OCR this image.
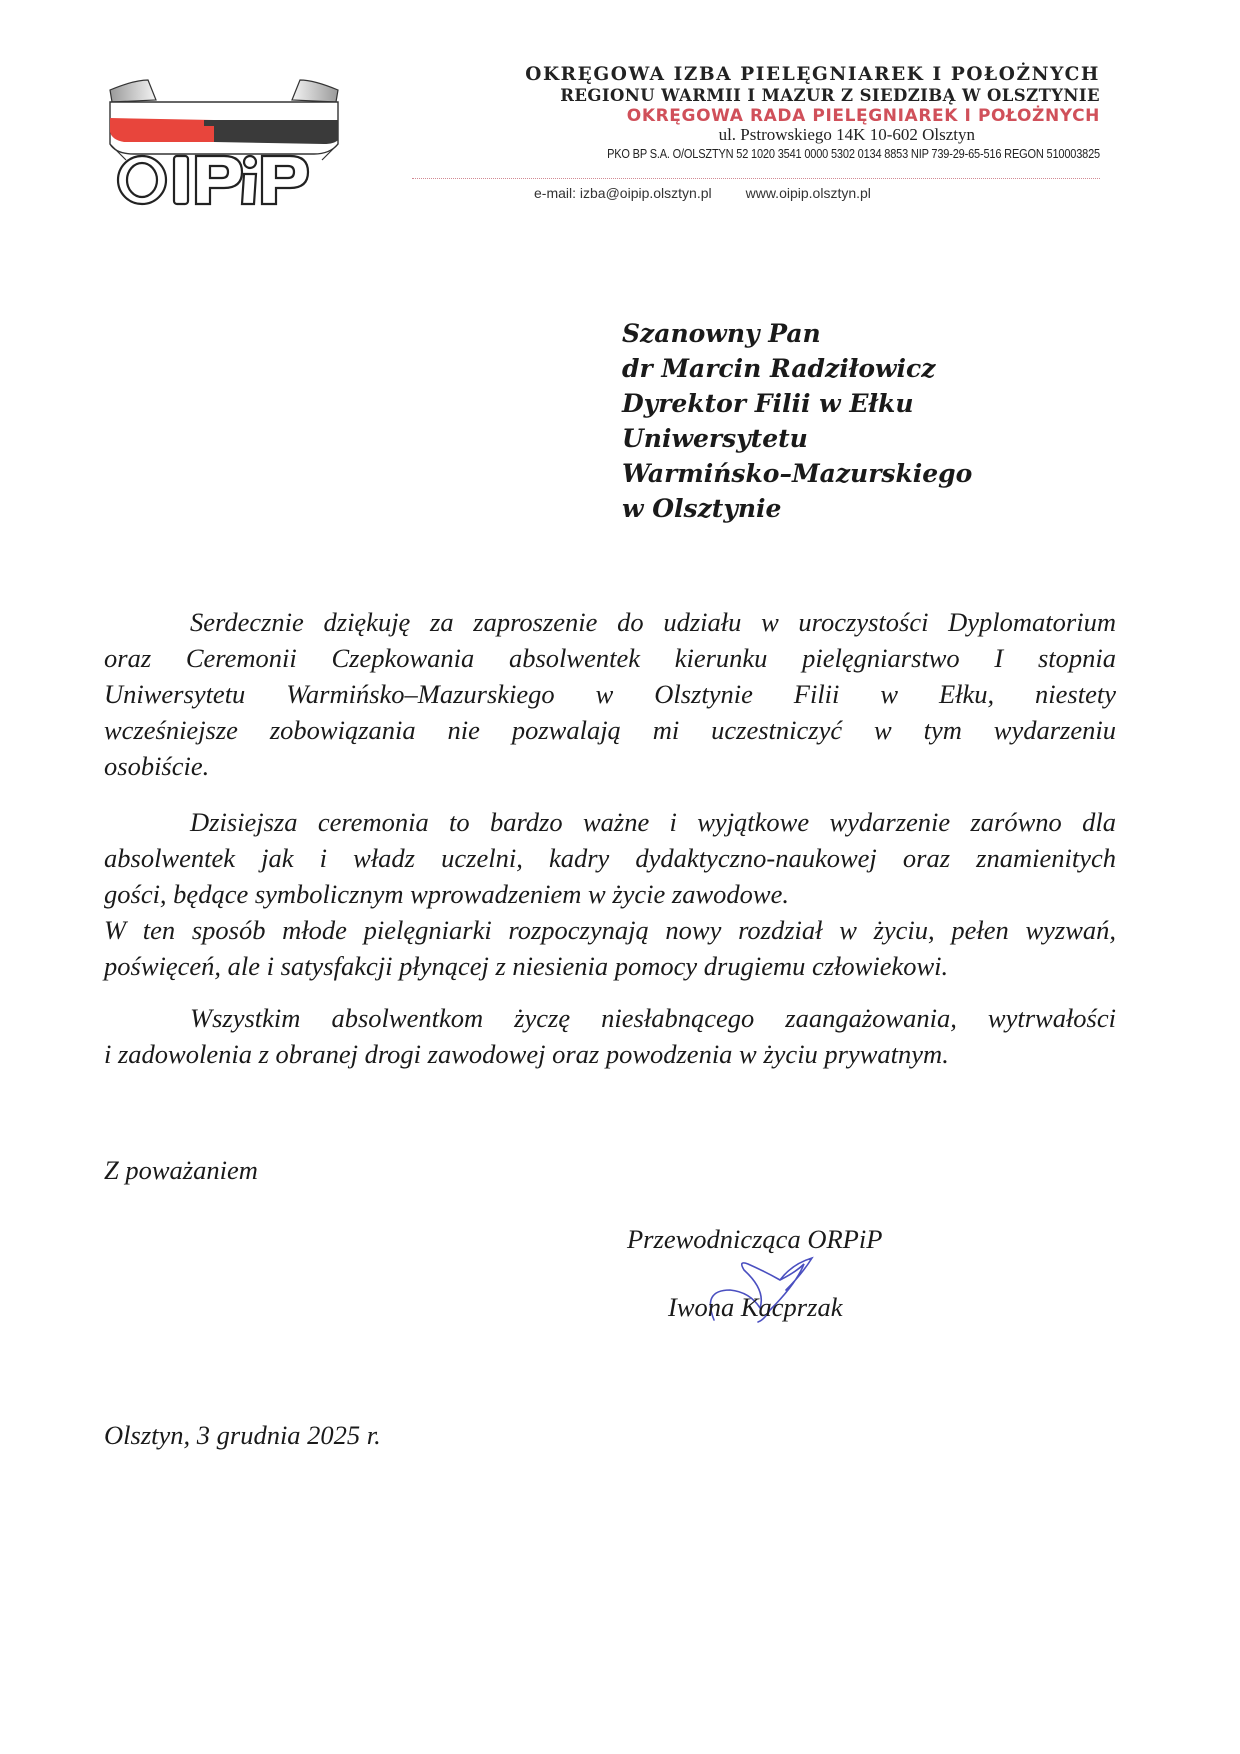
OKRĘGOWA IZBA PIELĘGNIAREK I POŁOŻNYCH
REGIONU WARMII I MAZUR Z SIEDZIBĄ W OLSZTYNIE
OKRĘGOWA RADA PIELĘGNIAREK I POŁOŻNYCH
ul. Pstrowskiego 14K 10-602 Olsztyn
PKO BP S.A. O/OLSZTYN 52 1020 3541 0000 5302 0134 8853 NIP 739-29-65-516 REGON 510003825
e-mail: izba@oipip.olsztyn.pl www.oipip.olsztyn.pl
Szanowny Pan
dr Marcin Radziłowicz
Dyrektor Filii w Ełku
Uniwersytetu
Warmińsko–Mazurskiego
w Olsztynie
Serdecznie dziękuję za zaproszenie do udziału w uroczystości Dyplomatorium
oraz Ceremonii Czepkowania absolwentek kierunku pielęgniarstwo I stopnia
Uniwersytetu Warmińsko–Mazurskiego w Olsztynie Filii w Ełku, niestety
wcześniejsze zobowiązania nie pozwalają mi uczestniczyć w tym wydarzeniu
osobiście.
Dzisiejsza ceremonia to bardzo ważne i wyjątkowe wydarzenie zarówno dla
absolwentek jak i władz uczelni, kadry dydaktyczno-naukowej oraz znamienitych
gości, będące symbolicznym wprowadzeniem w życie zawodowe.
W ten sposób młode pielęgniarki rozpoczynają nowy rozdział w życiu, pełen wyzwań,
poświęceń, ale i satysfakcji płynącej z niesienia pomocy drugiemu człowiekowi.
Wszystkim absolwentkom życzę niesłabnącego zaangażowania, wytrwałości
i zadowolenia z obranej drogi zawodowej oraz powodzenia w życiu prywatnym.
Z poważaniem
Przewodnicząca ORPiP
Iwona Kacprzak
Olsztyn, 3 grudnia 2025 r.
